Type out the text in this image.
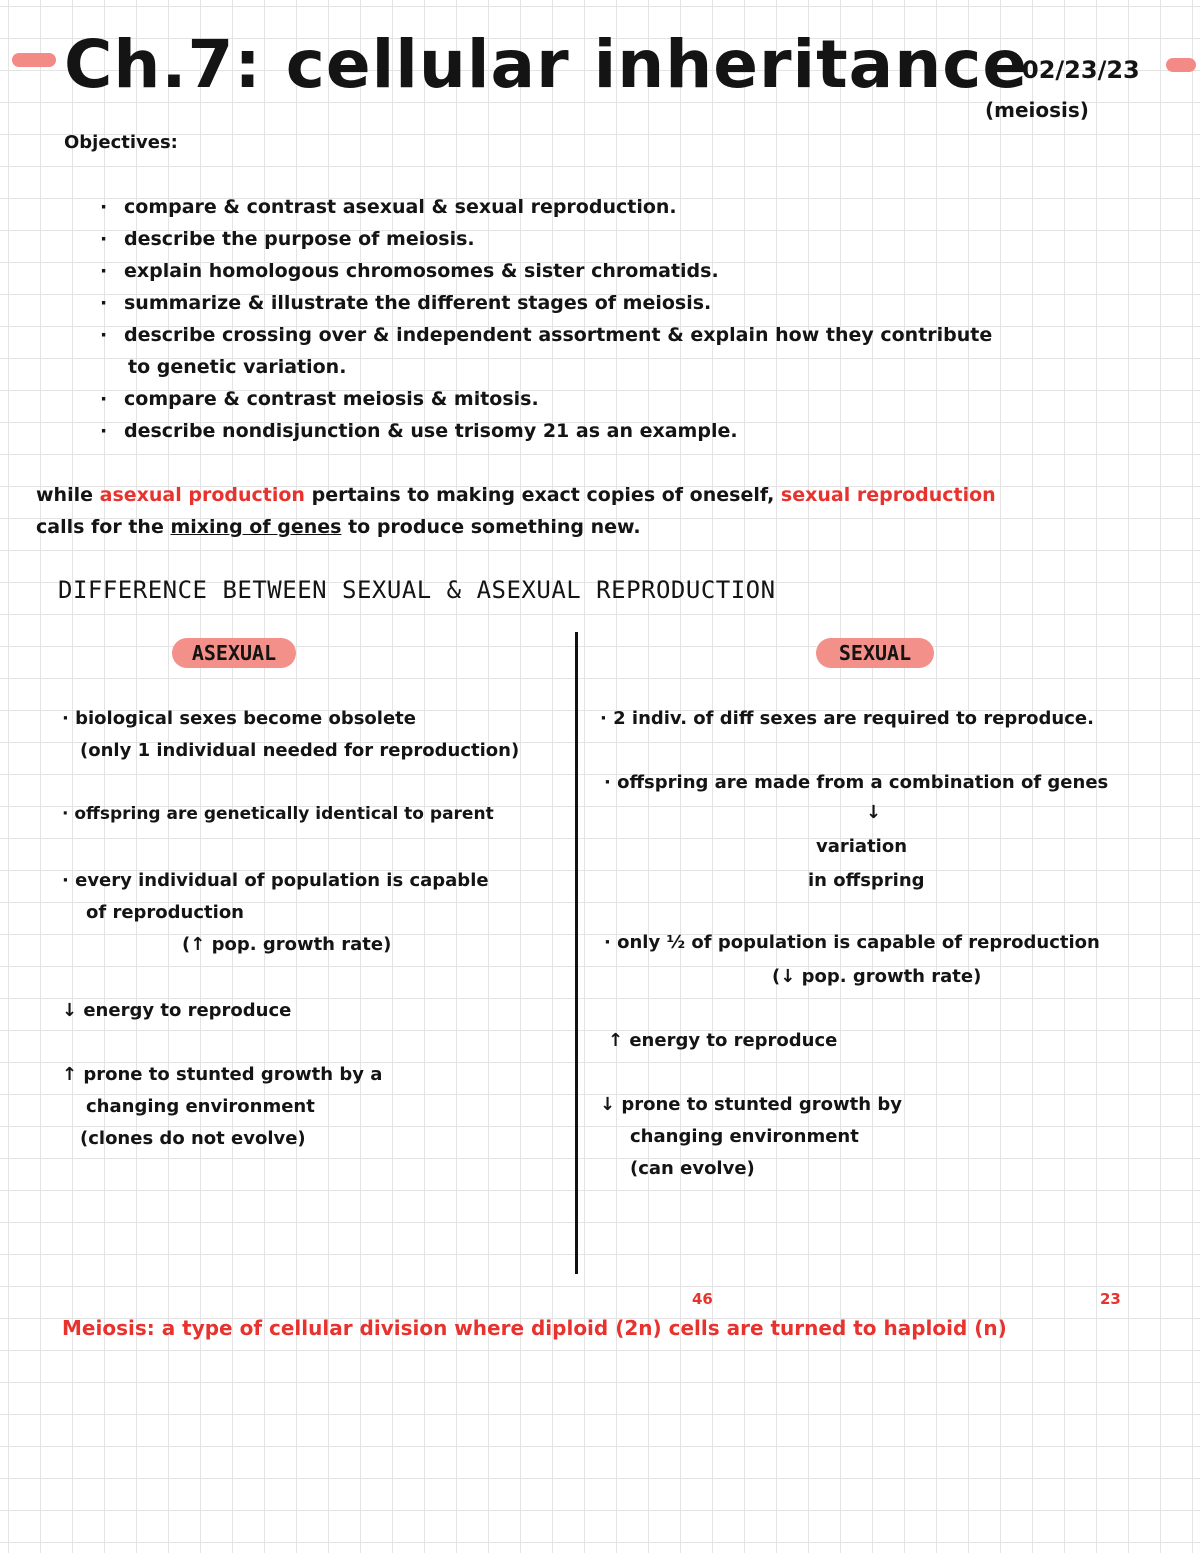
Ch.7: cellular inheritance
02/23/23
(meiosis)
Objectives:
· compare & contrast asexual & sexual reproduction.
· describe the purpose of meiosis.
· explain homologous chromosomes & sister chromatids.
· summarize & illustrate the different stages of meiosis.
· describe crossing over & independent assortment & explain how they contribute
to genetic variation.
· compare & contrast meiosis & mitosis.
· describe nondisjunction & use trisomy 21 as an example.
while asexual production pertains to making exact copies of oneself, sexual reproduction
calls for the mixing of genes to produce something new.
DIFFERENCE BETWEEN SEXUAL & ASEXUAL REPRODUCTION
ASEXUAL	SEXUAL
· biological sexes become obsolete
(only 1 individual needed for reproduction)
· offspring are genetically identical to parent
· every individual of population is capable
of reproduction
(↑ pop. growth rate)
↓ energy to reproduce
↑ prone to stunted growth by a
changing environment
(clones do not evolve)
· 2 indiv. of diff sexes are required to reproduce.
· offspring are made from a combination of genes
↓
variation
in offspring
· only ½ of population is capable of reproduction
(↓ pop. growth rate)
↑ energy to reproduce
↓ prone to stunted growth by
changing environment
(can evolve)
46	23
Meiosis: a type of cellular division where diploid (2n) cells are turned to haploid (n)
